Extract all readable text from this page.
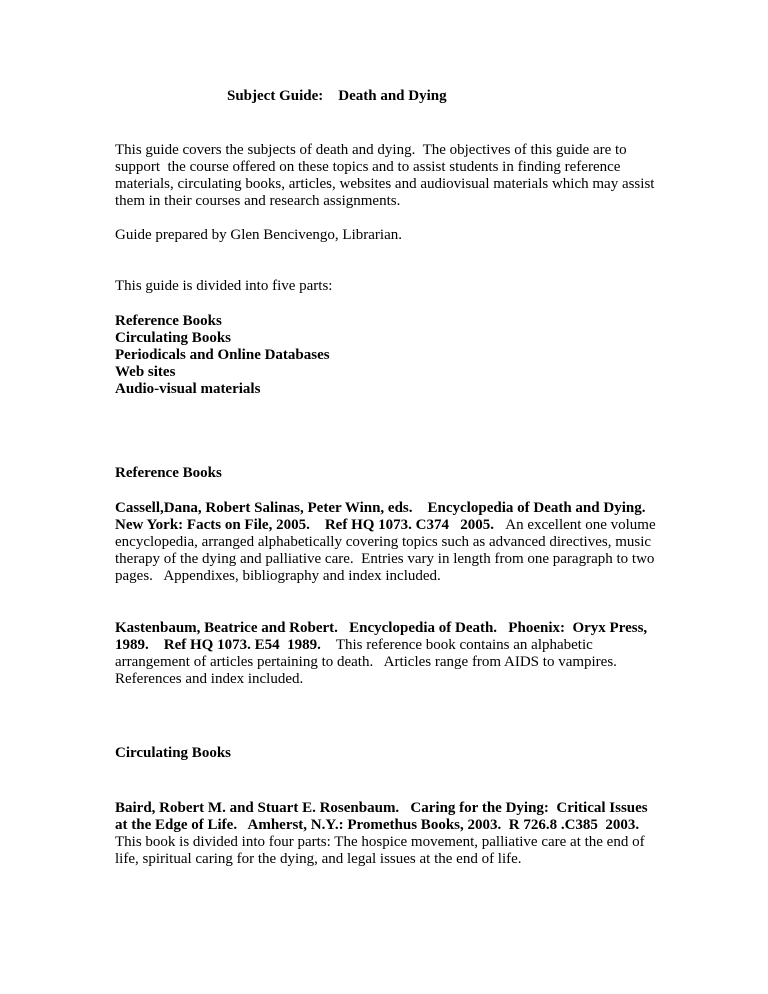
Subject Guide:    Death and Dying

This guide covers the subjects of death and dying.  The objectives of this guide are to support  the course offered on these topics and to assist students in finding reference materials, circulating books, articles, websites and audiovisual materials which may assist them in their courses and research assignments.

Guide prepared by Glen Bencivengo, Librarian.

This guide is divided into five parts:

Reference Books
Circulating Books
Periodicals and Online Databases
Web sites
Audio-visual materials

Reference Books

Cassell,Dana, Robert Salinas, Peter Winn, eds.    Encyclopedia of Death and Dying.  New York: Facts on File, 2005.    Ref HQ 1073. C374   2005.   An excellent one volume encyclopedia, arranged alphabetically covering topics such as advanced directives, music therapy of the dying and palliative care.  Entries vary in length from one paragraph to two pages.   Appendixes, bibliography and index included.

Kastenbaum, Beatrice and Robert.   Encyclopedia of Death.   Phoenix:  Oryx Press, 1989.    Ref HQ 1073. E54  1989.    This reference book contains an alphabetic arrangement of articles pertaining to death.   Articles range from AIDS to vampires.  References and index included.

Circulating Books

Baird, Robert M. and Stuart E. Rosenbaum.   Caring for the Dying:  Critical Issues at the Edge of Life.   Amherst, N.Y.: Promethus Books, 2003.  R 726.8 .C385  2003.  This book is divided into four parts: The hospice movement, palliative care at the end of life, spiritual caring for the dying, and legal issues at the end of life.
